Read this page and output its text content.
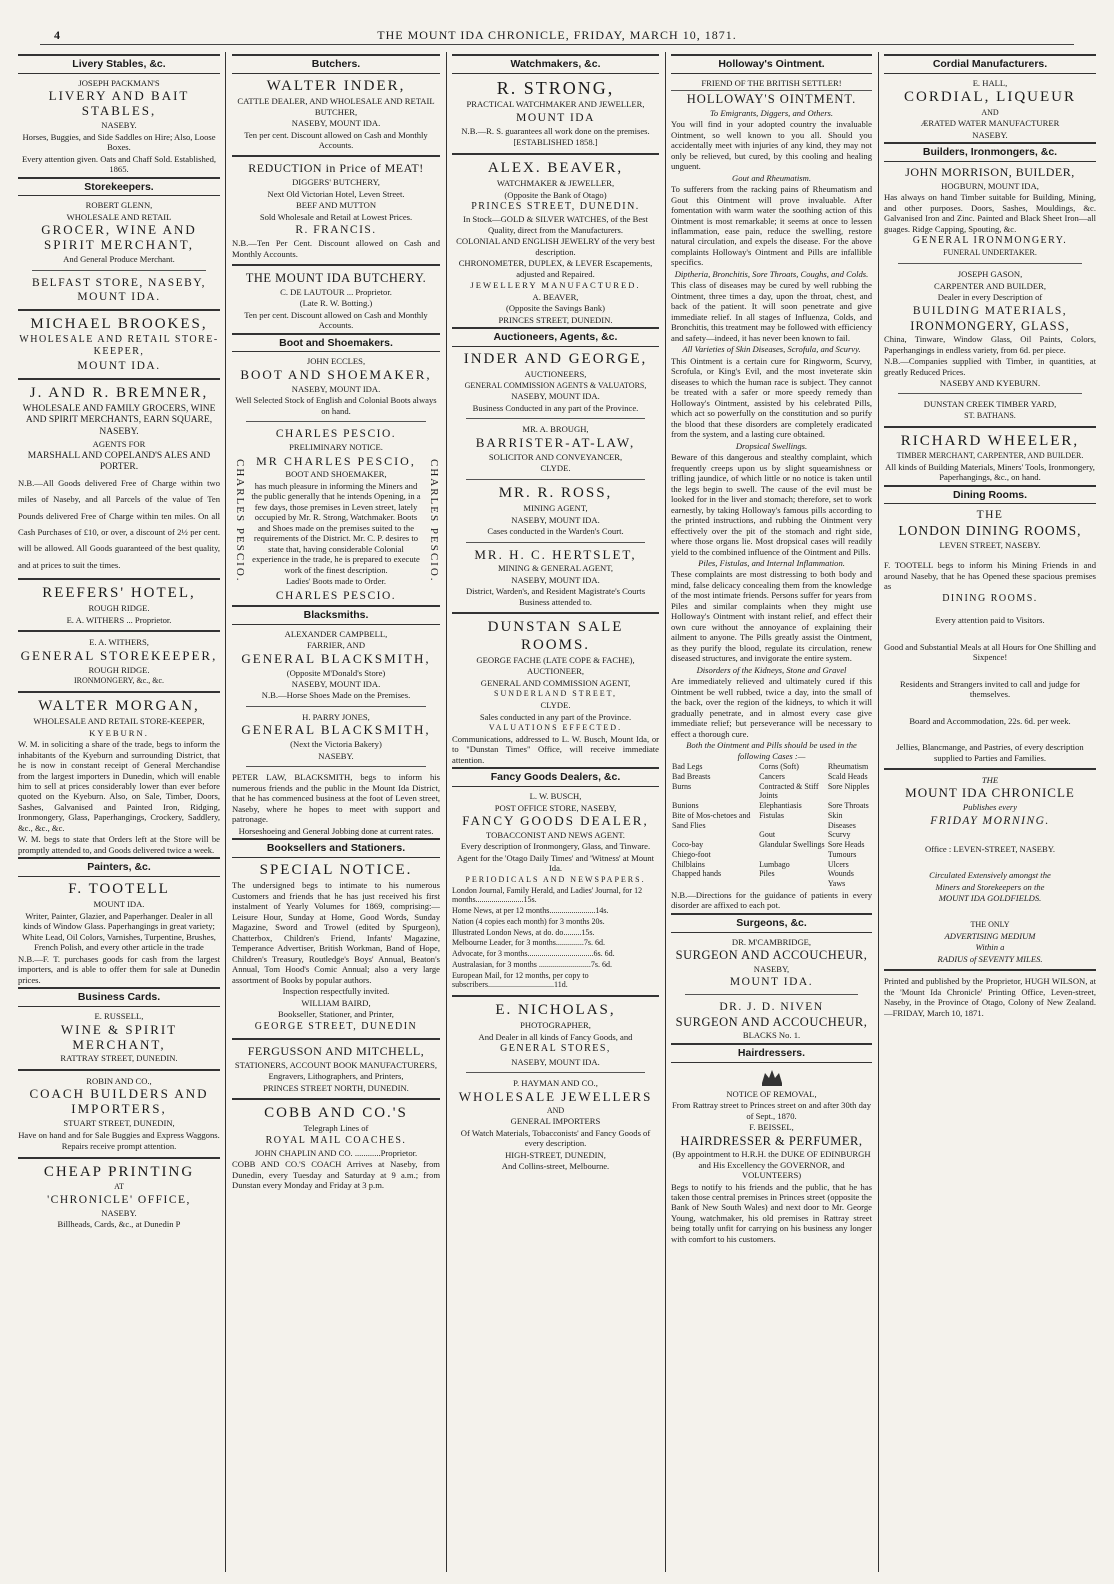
4	THE MOUNT IDA CHRONICLE, FRIDAY, MARCH 10, 1871.
Livery Stables, &c.

JOSEPH PACKMAN'S

LIVERY AND BAIT STABLES,

NASEBY.

Horses, Buggies, and Side Saddles on Hire; Also, Loose Boxes.

Every attention given. Oats and Chaff Sold. Established, 1865.

Storekeepers.

ROBERT GLENN,

WHOLESALE AND RETAIL

GROCER, WINE AND SPIRIT MERCHANT,

And General Produce Merchant.

BELFAST STORE, NASEBY, MOUNT IDA.

MICHAEL BROOKES,

WHOLESALE AND RETAIL STORE-KEEPER,

MOUNT IDA.

J. AND R. BREMNER,

WHOLESALE AND FAMILY GROCERS, WINE AND SPIRIT MERCHANTS, EARN SQUARE, NASEBY.

AGENTS FOR

MARSHALL AND COPELAND'S ALES AND PORTER.

N.B.—All Goods delivered Free of Charge within two miles of Naseby, and all Parcels of the value of Ten Pounds delivered Free of Charge within ten miles. On all Cash Purchases of £10, or over, a discount of 2½ per cent. will be allowed. All Goods guaranteed of the best quality, and at prices to suit the times.

REEFERS' HOTEL,

ROUGH RIDGE.

E. A. WITHERS ... Proprietor.

E. A. WITHERS,

GENERAL STOREKEEPER,

ROUGH RIDGE.

IRONMONGERY, &c., &c.

WALTER MORGAN,

WHOLESALE AND RETAIL STORE-KEEPER,

KYEBURN.

W. M. in soliciting a share of the trade, begs to inform the inhabitants of the Kyeburn and surrounding District, that he is now in constant receipt of General Merchandise from the largest importers in Dunedin, which will enable him to sell at prices considerably lower than ever before quoted on the Kyeburn. Also, on Sale, Timber, Doors, Sashes, Galvanised and Painted Iron, Ridging, Ironmongery, Glass, Paperhangings, Crockery, Saddlery, &c., &c., &c.

W. M. begs to state that Orders left at the Store will be promptly attended to, and Goods delivered twice a week.

Painters, &c.

F. TOOTELL

MOUNT IDA.

Writer, Painter, Glazier, and Paperhanger. Dealer in all kinds of Window Glass. Paperhangings in great variety; White Lead, Oil Colors, Varnishes, Turpentine, Brushes, French Polish, and every other article in the trade

N.B.—F. T. purchases goods for cash from the largest importers, and is able to offer them for sale at Dunedin prices.

Business Cards.

E. RUSSELL,

WINE & SPIRIT MERCHANT,

RATTRAY STREET, DUNEDIN.

ROBIN AND CO.,

COACH BUILDERS AND IMPORTERS,

STUART STREET, DUNEDIN,

Have on hand and for Sale Buggies and Express Waggons.

Repairs receive prompt attention.

CHEAP PRINTING

AT

'CHRONICLE' OFFICE,

NASEBY.

Billheads, Cards, &c., at Dunedin P

Butchers.

WALTER INDER,

CATTLE DEALER, AND WHOLESALE AND RETAIL BUTCHER,

NASEBY, MOUNT IDA.

Ten per cent. Discount allowed on Cash and Monthly Accounts.

REDUCTION in Price of MEAT!

DIGGERS' BUTCHERY,

Next Old Victorian Hotel, Leven Street.

BEEF AND MUTTON

Sold Wholesale and Retail at Lowest Prices.

R. FRANCIS.

N.B.—Ten Per Cent. Discount allowed on Cash and Monthly Accounts.

THE MOUNT IDA BUTCHERY.

C. DE LAUTOUR ... Proprietor.

(Late R. W. Botting.)

Ten per cent. Discount allowed on Cash and Monthly Accounts.

Boot and Shoemakers.

JOHN ECCLES,

BOOT AND SHOEMAKER,

NASEBY, MOUNT IDA.

Well Selected Stock of English and Colonial Boots always on hand.

CHARLES PESCIO.

PRELIMINARY NOTICE.

CHARLES PESCIO. MR CHARLES PESCIO,

BOOT AND SHOEMAKER,

has much pleasure in informing the Miners and the public generally that he intends Opening, in a few days, those premises in Leven street, lately occupied by Mr. R. Strong, Watchmaker. Boots and Shoes made on the premises suited to the requirements of the District. Mr. C. P. desires to state that, having considerable Colonial experience in the trade, he is prepared to execute work of the finest description.

Ladies' Boots made to Order.	CHARLES PESCIO.

CHARLES PESCIO.

Blacksmiths.

ALEXANDER CAMPBELL,

FARRIER, AND

GENERAL BLACKSMITH,

(Opposite M'Donald's Store)

NASEBY, MOUNT IDA.

N.B.—Horse Shoes Made on the Premises.

H. PARRY JONES,

GENERAL BLACKSMITH,

(Next the Victoria Bakery)

NASEBY.

PETER LAW, BLACKSMITH, begs to inform his numerous friends and the public in the Mount Ida District, that he has commenced business at the foot of Leven street, Naseby, where he hopes to meet with support and patronage.

Horseshoeing and General Jobbing done at current rates.

Booksellers and Stationers.

SPECIAL NOTICE.

The undersigned begs to intimate to his numerous Customers and friends that he has just received his first instalment of Yearly Volumes for 1869, comprising:—Leisure Hour, Sunday at Home, Good Words, Sunday Magazine, Sword and Trowel (edited by Spurgeon), Chatterbox, Children's Friend, Infants' Magazine, Temperance Advertiser, British Workman, Band of Hope, Children's Treasury, Routledge's Boys' Annual, Beaton's Annual, Tom Hood's Comic Annual; also a very large assortment of Books by popular authors.

Inspection respectfully invited.

WILLIAM BAIRD,

Bookseller, Stationer, and Printer,

GEORGE STREET, DUNEDIN

FERGUSSON AND MITCHELL,

STATIONERS, ACCOUNT BOOK MANUFACTURERS,

Engravers, Lithographers, and Printers,

PRINCES STREET NORTH, DUNEDIN.

COBB AND CO.'S

Telegraph Lines of

ROYAL MAIL COACHES.

JOHN CHAPLIN AND CO. ............Proprietor.

COBB AND CO.'S COACH Arrives at Naseby, from Dunedin, every Tuesday and Saturday at 9 a.m.; from Dunstan every Monday and Friday at 3 p.m.

Watchmakers, &c.

R. STRONG,

PRACTICAL WATCHMAKER AND JEWELLER,

MOUNT IDA

N.B.—R. S. guarantees all work done on the premises.

[ESTABLISHED 1858.]

ALEX. BEAVER,

WATCHMAKER & JEWELLER,

(Opposite the Bank of Otago)

PRINCES STREET, DUNEDIN.

In Stock—GOLD & SILVER WATCHES, of the Best Quality, direct from the Manufacturers.

COLONIAL AND ENGLISH JEWELRY of the very best description.

CHRONOMETER, DUPLEX, & LEVER Escapements, adjusted and Repaired.

JEWELLERY MANUFACTURED.

A. BEAVER,

(Opposite the Savings Bank)

PRINCES STREET, DUNEDIN.

Auctioneers, Agents, &c.

INDER AND GEORGE,

AUCTIONEERS,

GENERAL COMMISSION AGENTS & VALUATORS,

NASEBY, MOUNT IDA.

Business Conducted in any part of the Province.

MR. A. BROUGH,

BARRISTER-AT-LAW,

SOLICITOR AND CONVEYANCER,

CLYDE.

MR. R. ROSS,

MINING AGENT,

NASEBY, MOUNT IDA.

Cases conducted in the Warden's Court.

MR. H. C. HERTSLET,

MINING & GENERAL AGENT,

NASEBY, MOUNT IDA.

District, Warden's, and Resident Magistrate's Courts Business attended to.

DUNSTAN SALE ROOMS.

GEORGE FACHE (LATE COPE & FACHE),

AUCTIONEER,

GENERAL AND COMMISSION AGENT,

SUNDERLAND STREET,

CLYDE.

Sales conducted in any part of the Province.

VALUATIONS EFFECTED.

Communications, addressed to L. W. Busch, Mount Ida, or to "Dunstan Times" Office, will receive immediate attention.

Fancy Goods Dealers, &c.

L. W. BUSCH,

POST OFFICE STORE, NASEBY,

FANCY GOODS DEALER,

TOBACCONIST AND NEWS AGENT.

Every description of Ironmongery, Glass, and Tinware.

Agent for the 'Otago Daily Times' and 'Witness' at Mount Ida.

PERIODICALS AND NEWSPAPERS.

London Journal, Family Herald, and Ladies' Journal, for 12 months........................15s.

Home News, at per 12 months.......................14s.

Nation (4 copies each month) for 3 months 20s.

Illustrated London News, at do. do.........15s.

Melbourne Leader, for 3 months..............7s. 6d.

Advocate, for 3 months.................................6s. 6d.

Australasian, for 3 months ..........................7s. 6d.

European Mail, for 12 months, per copy to subscribers.................................11d.

E. NICHOLAS,

PHOTOGRAPHER,

And Dealer in all kinds of Fancy Goods, and

GENERAL STORES,

NASEBY, MOUNT IDA.

P. HAYMAN AND CO.,

WHOLESALE JEWELLERS

AND

GENERAL IMPORTERS

Of Watch Materials, Tobacconists' and Fancy Goods of every description.

HIGH-STREET, DUNEDIN,

And Collins-street, Melbourne.

Holloway's Ointment.

FRIEND OF THE BRITISH SETTLER!

HOLLOWAY'S OINTMENT.

To Emigrants, Diggers, and Others.

You will find in your adopted country the invaluable Ointment, so well known to you all. Should you accidentally meet with injuries of any kind, they may not only be relieved, but cured, by this cooling and healing unguent.

Gout and Rheumatism.

To sufferers from the racking pains of Rheumatism and Gout this Ointment will prove invaluable. After fomentation with warm water the soothing action of this Ointment is most remarkable; it seems at once to lessen inflammation, ease pain, reduce the swelling, restore natural circulation, and expels the disease. For the above complaints Holloway's Ointment and Pills are infallible specifics.

Diptheria, Bronchitis, Sore Throats, Coughs, and Colds.

This class of diseases may be cured by well rubbing the Ointment, three times a day, upon the throat, chest, and back of the patient. It will soon penetrate and give immediate relief. In all stages of Influenza, Colds, and Bronchitis, this treatment may be followed with efficiency and safety—indeed, it has never been known to fail.

All Varieties of Skin Diseases, Scrofula, and Scurvy.

This Ointment is a certain cure for Ringworm, Scurvy, Scrofula, or King's Evil, and the most inveterate skin diseases to which the human race is subject. They cannot be treated with a safer or more speedy remedy than Holloway's Ointment, assisted by his celebrated Pills, which act so powerfully on the constitution and so purify the blood that these disorders are completely eradicated from the system, and a lasting cure obtained.

Dropsical Swellings.

Beware of this dangerous and stealthy complaint, which frequently creeps upon us by slight squeamishness or trifling jaundice, of which little or no notice is taken until the legs begin to swell. The cause of the evil must be looked for in the liver and stomach; therefore, set to work earnestly, by taking Holloway's famous pills according to the printed instructions, and rubbing the Ointment very effectively over the pit of the stomach and right side, where those organs lie. Most dropsical cases will readily yield to the combined influence of the Ointment and Pills.

Piles, Fistulas, and Internal Inflammation.

These complaints are most distressing to both body and mind, false delicacy concealing them from the knowledge of the most intimate friends. Persons suffer for years from Piles and similar complaints when they might use Holloway's Ointment with instant relief, and effect their own cure without the annoyance of explaining their ailment to anyone. The Pills greatly assist the Ointment, as they purify the blood, regulate its circulation, renew diseased structures, and invigorate the entire system.

Disorders of the Kidneys, Stone and Gravel

Are immediately relieved and ultimately cured if this Ointment be well rubbed, twice a day, into the small of the back, over the region of the kidneys, to which it will gradually penetrate, and in almost every case give immediate relief; but perseverance will be necessary to effect a thorough cure.

Both the Ointment and Pills should be used in the following Cases :—

Bad Legs	Corns (Soft)	Rheumatism
Bad Breasts	Cancers	Scald Heads
Burns	Contracted & Stiff Joints	Sore Nipples
Bunions	Elephantiasis	Sore Throats
Bite of Mos-chetoes and Sand Flies	Fistulas	Skin Diseases
	Gout	Scurvy
Coco-bay	Glandular Swellings	Sore Heads
Chiego-foot		Tumours
Chilblains	Lumbago	Ulcers
Chapped hands	Piles	Wounds
		Yaws

N.B.—Directions for the guidance of patients in every disorder are affixed to each pot.

Surgeons, &c.

DR. M'CAMBRIDGE,

SURGEON AND ACCOUCHEUR,

NASEBY,

MOUNT IDA.

DR. J. D. NIVEN

SURGEON AND ACCOUCHEUR,

BLACKS No. 1.

Hairdressers.

NOTICE OF REMOVAL,

From Rattray street to Princes street on and after 30th day of Sept., 1870.

F. BEISSEL,

HAIRDRESSER & PERFUMER,

(By appointment to H.R.H. the DUKE OF EDINBURGH and His Excellency the GOVERNOR, and VOLUNTEERS)

Begs to notify to his friends and the public, that he has taken those central premises in Princes street (opposite the Bank of New South Wales) and next door to Mr. George Young, watchmaker, his old premises in Rattray street being totally unfit for carrying on his business any longer with comfort to his customers.

Cordial Manufacturers.

E. HALL,

CORDIAL, LIQUEUR

AND

ÆRATED WATER MANUFACTURER

NASEBY.

Builders, Ironmongers, &c.

JOHN MORRISON, BUILDER,

HOGBURN, MOUNT IDA,

Has always on hand Timber suitable for Building, Mining, and other purposes. Doors, Sashes, Mouldings, &c. Galvanised Iron and Zinc. Painted and Black Sheet Iron—all guages. Ridge Capping, Spouting, &c.

GENERAL IRONMONGERY.

FUNERAL UNDERTAKER.

JOSEPH GASON,

CARPENTER AND BUILDER,

Dealer in every Description of

BUILDING MATERIALS,

IRONMONGERY, GLASS,

China, Tinware, Window Glass, Oil Paints, Colors, Paperhangings in endless variety, from 6d. per piece.

N.B.—Companies supplied with Timber, in quantities, at greatly Reduced Prices.

NASEBY AND KYEBURN.

DUNSTAN CREEK TIMBER YARD,

ST. BATHANS.

RICHARD WHEELER,

TIMBER MERCHANT, CARPENTER, AND BUILDER.

All kinds of Building Materials, Miners' Tools, Ironmongery, Paperhangings, &c., on hand.

Dining Rooms.

THE

LONDON DINING ROOMS,

LEVEN STREET, NASEBY.

F. TOOTELL begs to inform his Mining Friends in and around Naseby, that he has Opened these spacious premises as

DINING ROOMS.

Every attention paid to Visitors.

Good and Substantial Meals at all Hours for One Shilling and Sixpence!

Residents and Strangers invited to call and judge for themselves.

Board and Accommodation, 22s. 6d. per week.

Jellies, Blancmange, and Pastries, of every description supplied to Parties and Families.

THE

MOUNT IDA CHRONICLE

Publishes every

FRIDAY MORNING.

Office : LEVEN-STREET, NASEBY.

Circulated Extensively amongst the

Miners and Storekeepers on the

MOUNT IDA GOLDFIELDS.

THE ONLY

ADVERTISING MEDIUM

Within a

RADIUS of SEVENTY MILES.

Printed and published by the Proprietor, HUGH WILSON, at the 'Mount Ida Chronicle' Printing Office, Leven-street, Naseby, in the Province of Otago, Colony of New Zealand. —FRIDAY, March 10, 1871.
